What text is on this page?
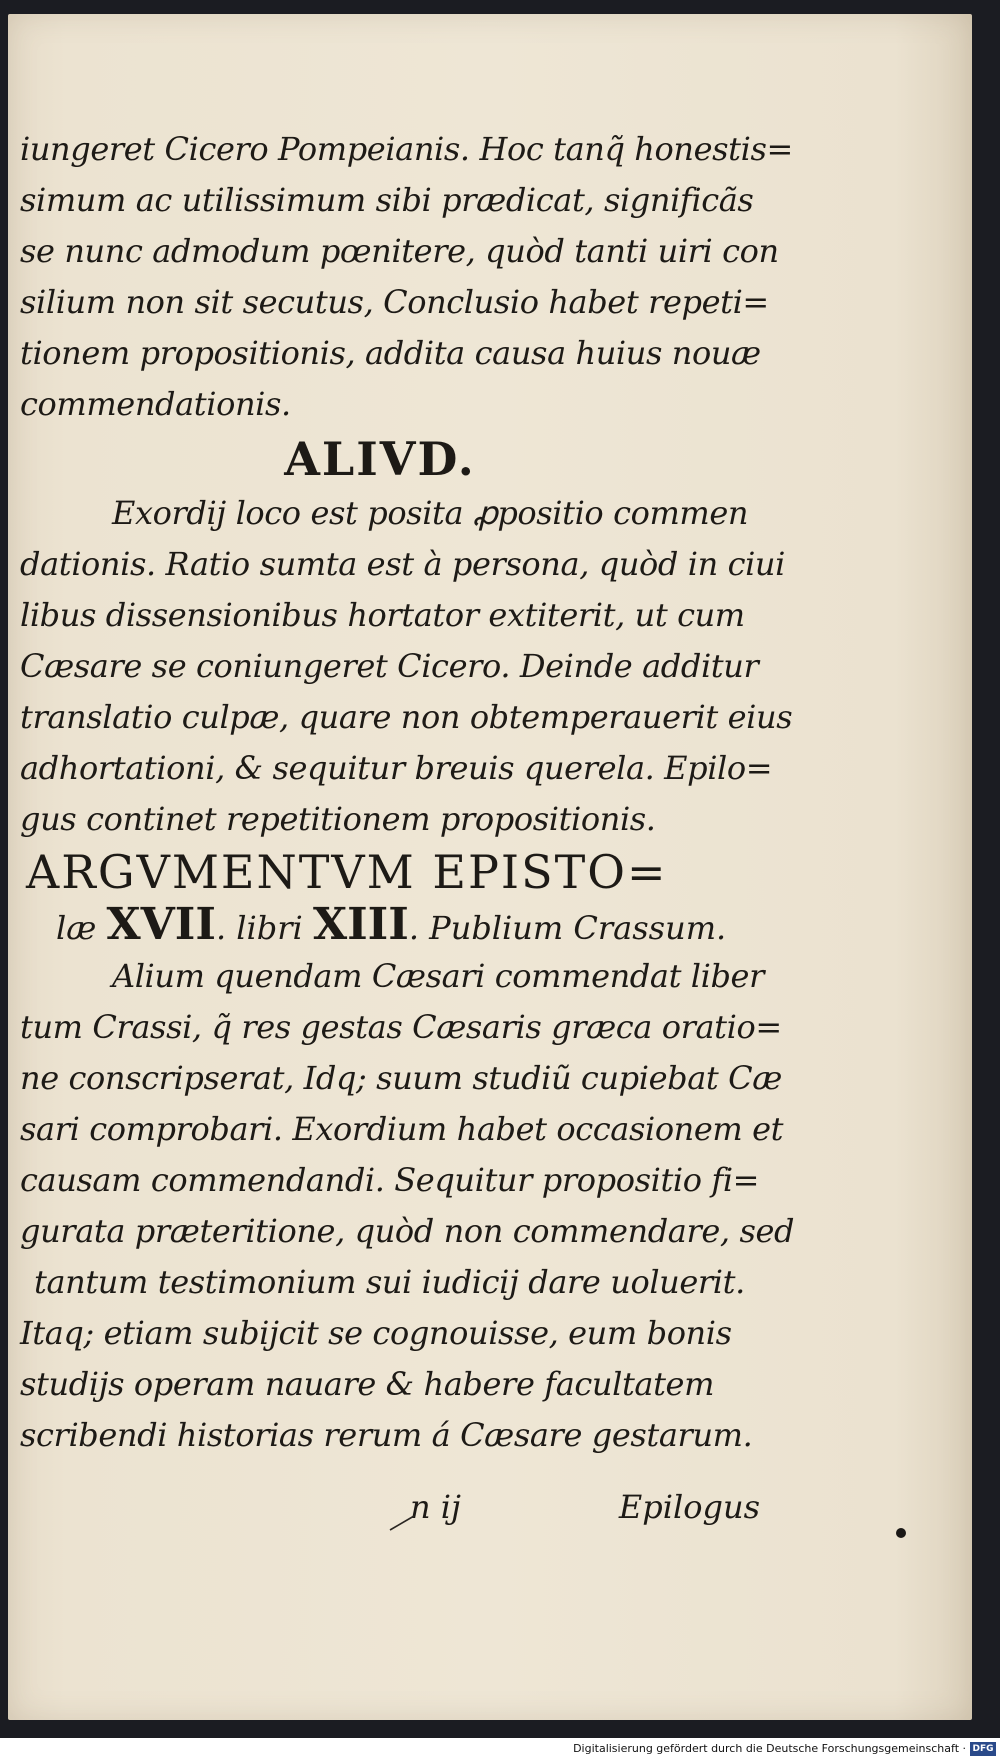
iungeret Cicero Pompeianis. Hoc tanq̃ honestis=
simum ac utilissimum sibi prædicat, significãs
se nunc admodum pœnitere, quòd tanti uiri con
silium non sit secutus, Conclusio habet repeti=
tionem propositionis, addita causa huius nouæ
commendationis.
ALIVD.
Exordij loco est posita ꝓpositio commen
dationis. Ratio sumta est à persona, quòd in ciui
libus dissensionibus hortator extiterit, ut cum
Cæsare se coniungeret Cicero. Deinde additur
translatio culpæ, quare non obtemperauerit eius
adhortationi, & sequitur breuis querela. Epilo=
gus continet repetitionem propositionis.
ARGVMENTVM EPISTO=
læ XVII. libri XIII. Publium Crassum.
Alium quendam Cæsari commendat liber
tum Crassi, q̃ res gestas Cæsaris græca oratio=
ne conscripserat, Idq; suum studiũ cupiebat Cæ
sari comprobari. Exordium habet occasionem et
causam commendandi. Sequitur propositio fi=
gurata præteritione, quòd non commendare, sed
tantum testimonium sui iudicij dare uoluerit.
Itaq; etiam subijcit se cognouisse, eum bonis
studijs operam nauare & habere facultatem
scribendi historias rerum á Cæsare gestarum.
n ij	Epilogus
Digitalisierung gefördert durch die Deutsche Forschungsgemeinschaft · DFG
